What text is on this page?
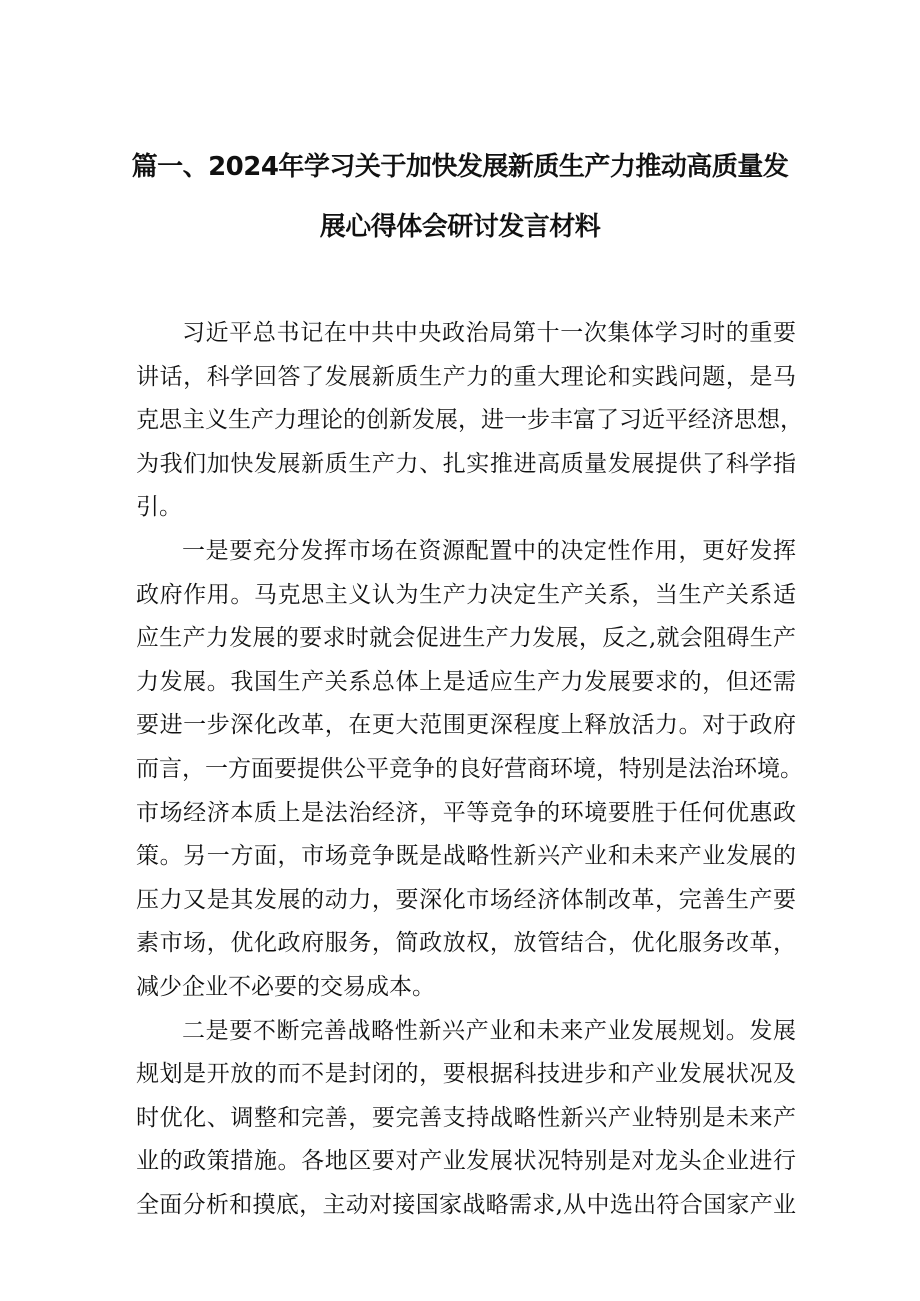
篇一、2024年学习关于加快发展新质生产力推动高质量发
展心得体会研讨发言材料
习近平总书记在中共中央政治局第十一次集体学习时的重要
讲话，科学回答了发展新质生产力的重大理论和实践问题，是马
克思主义生产力理论的创新发展，进一步丰富了习近平经济思想，
为我们加快发展新质生产力、扎实推进高质量发展提供了科学指
引。
一是要充分发挥市场在资源配置中的决定性作用，更好发挥
政府作用。马克思主义认为生产力决定生产关系，当生产关系适
应生产力发展的要求时就会促进生产力发展，反之,就会阻碍生产
力发展。我国生产关系总体上是适应生产力发展要求的，但还需
要进一步深化改革，在更大范围更深程度上释放活力。对于政府
而言，一方面要提供公平竞争的良好营商环境，特别是法治环境。
市场经济本质上是法治经济，平等竞争的环境要胜于任何优惠政
策。另一方面，市场竞争既是战略性新兴产业和未来产业发展的
压力又是其发展的动力，要深化市场经济体制改革，完善生产要
素市场，优化政府服务，简政放权，放管结合，优化服务改革，
减少企业不必要的交易成本。
二是要不断完善战略性新兴产业和未来产业发展规划。发展
规划是开放的而不是封闭的，要根据科技进步和产业发展状况及
时优化、调整和完善，要完善支持战略性新兴产业特别是未来产
业的政策措施。各地区要对产业发展状况特别是对龙头企业进行
全面分析和摸底，主动对接国家战略需求,从中选出符合国家产业
